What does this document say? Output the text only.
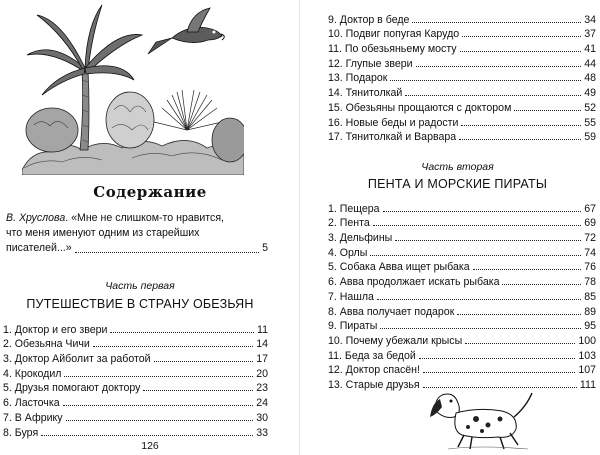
Содержание
В. Хруслова. «Мне не слишком-то нравится,
что меня именуют одним из старейших
писателей...»	5
Часть первая
ПУТЕШЕСТВИЕ В СТРАНУ ОБЕЗЬЯН
1. Доктор и его звери	11
2. Обезьяна Чичи	14
3. Доктор Айболит за работой	17
4. Крокодил	20
5. Друзья помогают доктору	23
6. Ласточка	24
7. В Африку	30
8. Буря	33
126
9. Доктор в беде	34
10. Подвиг попугая Карудо	37
11. По обезьяньему мосту	41
12. Глупые звери	44
13. Подарок	48
14. Тянитолкай	49
15. Обезьяны прощаются с доктором	52
16. Новые беды и радости	55
17. Тянитолкай и Варвара	59
Часть вторая
ПЕНТА И МОРСКИЕ ПИРАТЫ
1. Пещера	67
2. Пента	69
3. Дельфины	72
4. Орлы	74
5. Собака Авва ищет рыбака	76
6. Авва продолжает искать рыбака	78
7. Нашла	85
8. Авва получает подарок	89
9. Пираты	95
10. Почему убежали крысы	100
11. Беда за бедой	103
12. Доктор спасён!	107
13. Старые друзья	111
